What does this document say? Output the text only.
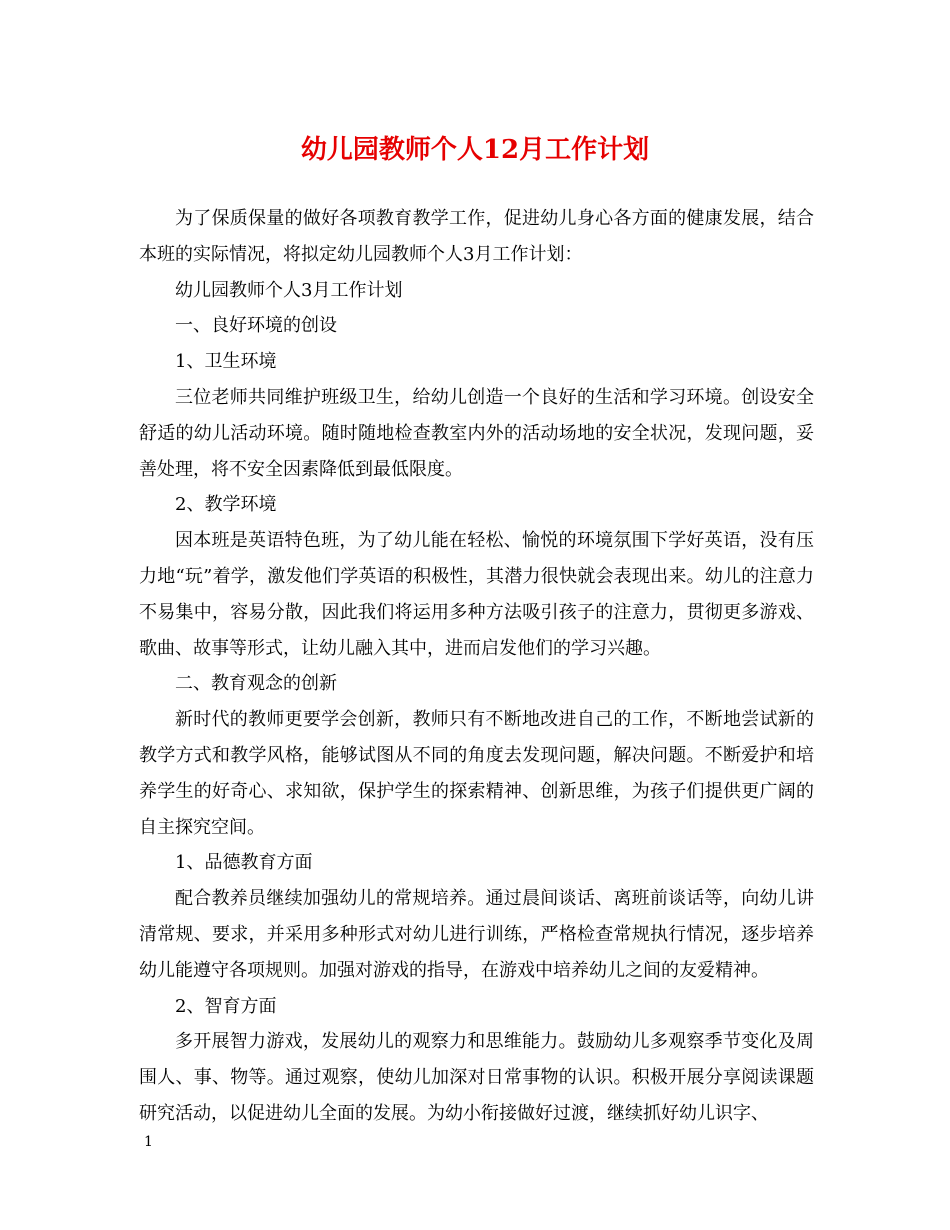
幼儿园教师个人12月工作计划

为了保质保量的做好各项教育教学工作，促进幼儿身心各方面的健康发展，结合本班的实际情况，将拟定幼儿园教师个人3月工作计划：

幼儿园教师个人3月工作计划

一、良好环境的创设

1、卫生环境

三位老师共同维护班级卫生，给幼儿创造一个良好的生活和学习环境。创设安全舒适的幼儿活动环境。随时随地检查教室内外的活动场地的安全状况，发现问题，妥善处理，将不安全因素降低到最低限度。

2、教学环境

因本班是英语特色班，为了幼儿能在轻松、愉悦的环境氛围下学好英语，没有压力地“玩”着学，激发他们学英语的积极性，其潜力很快就会表现出来。幼儿的注意力不易集中，容易分散，因此我们将运用多种方法吸引孩子的注意力，贯彻更多游戏、歌曲、故事等形式，让幼儿融入其中，进而启发他们的学习兴趣。

二、教育观念的创新

新时代的教师更要学会创新，教师只有不断地改进自己的工作，不断地尝试新的教学方式和教学风格，能够试图从不同的角度去发现问题，解决问题。不断爱护和培养学生的好奇心、求知欲，保护学生的探索精神、创新思维，为孩子们提供更广阔的自主探究空间。

1、品德教育方面

配合教养员继续加强幼儿的常规培养。通过晨间谈话、离班前谈话等，向幼儿讲清常规、要求，并采用多种形式对幼儿进行训练，严格检查常规执行情况，逐步培养幼儿能遵守各项规则。加强对游戏的指导，在游戏中培养幼儿之间的友爱精神。

2、智育方面

多开展智力游戏，发展幼儿的观察力和思维能力。鼓励幼儿多观察季节变化及周围人、事、物等。通过观察，使幼儿加深对日常事物的认识。积极开展分享阅读课题研究活动，以促进幼儿全面的发展。为幼小衔接做好过渡，继续抓好幼儿识字、

1
